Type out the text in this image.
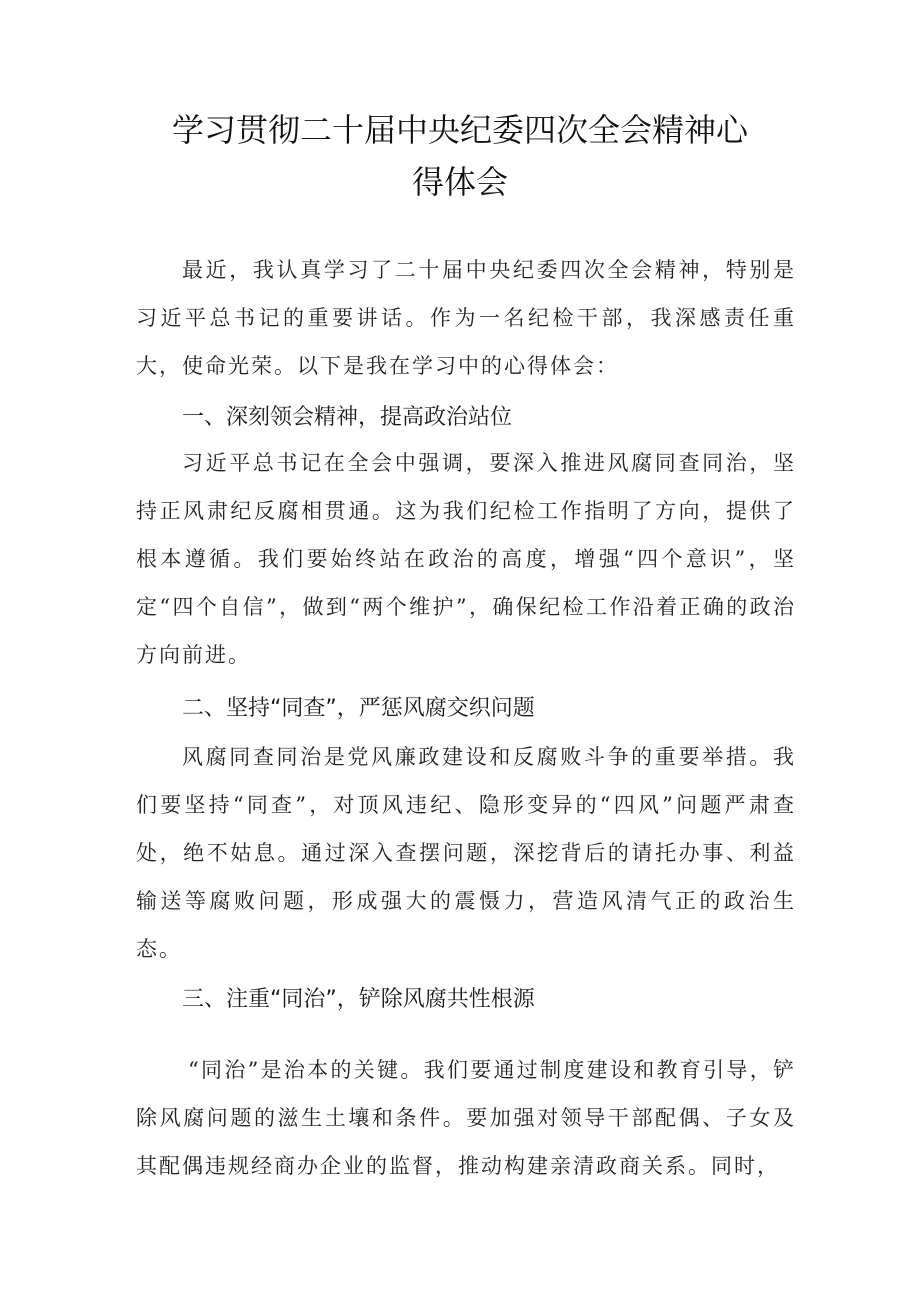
学习贯彻二十届中央纪委四次全会精神心
得体会
最近，我认真学习了二十届中央纪委四次全会精神，特别是习近平总书记的重要讲话。作为一名纪检干部，我深感责任重大，使命光荣。以下是我在学习中的心得体会：
一、深刻领会精神，提高政治站位
习近平总书记在全会中强调，要深入推进风腐同查同治，坚持正风肃纪反腐相贯通。这为我们纪检工作指明了方向，提供了根本遵循。我们要始终站在政治的高度，增强“四个意识”，坚定“四个自信”，做到“两个维护”，确保纪检工作沿着正确的政治方向前进。
二、坚持“同查”，严惩风腐交织问题
风腐同查同治是党风廉政建设和反腐败斗争的重要举措。我们要坚持“同查”，对顶风违纪、隐形变异的“四风”问题严肃查处，绝不姑息。通过深入查摆问题，深挖背后的请托办事、利益输送等腐败问题，形成强大的震慑力，营造风清气正的政治生态。
三、注重“同治”，铲除风腐共性根源
“同治”是治本的关键。我们要通过制度建设和教育引导，铲除风腐问题的滋生土壤和条件。要加强对领导干部配偶、子女及其配偶违规经商办企业的监督，推动构建亲清政商关系。同时，
